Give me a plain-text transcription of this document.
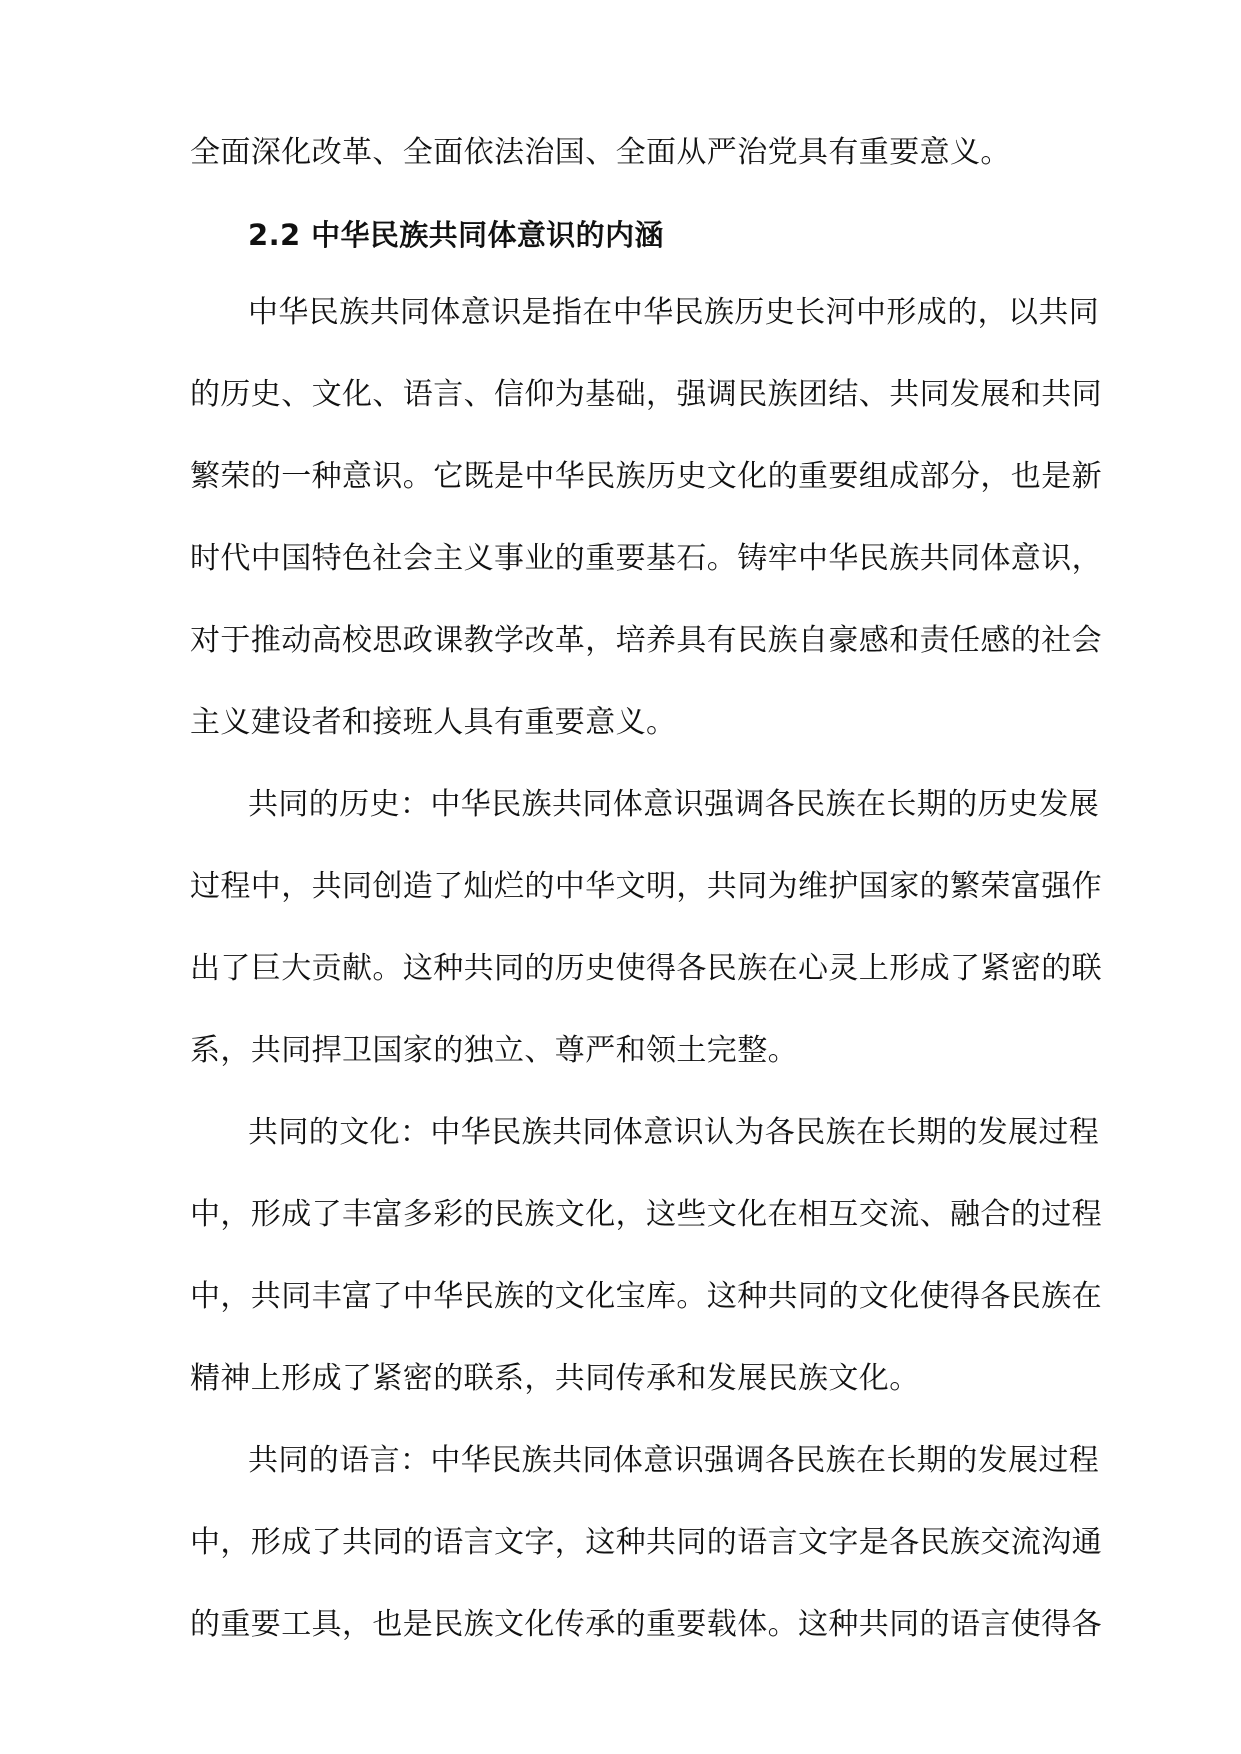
全面深化改革、全面依法治国、全面从严治党具有重要意义。

2.2 中华民族共同体意识的内涵

中华民族共同体意识是指在中华民族历史长河中形成的，以共同

的历史、文化、语言、信仰为基础，强调民族团结、共同发展和共同

繁荣的一种意识。它既是中华民族历史文化的重要组成部分，也是新

时代中国特色社会主义事业的重要基石。铸牢中华民族共同体意识，

对于推动高校思政课教学改革，培养具有民族自豪感和责任感的社会

主义建设者和接班人具有重要意义。

共同的历史：中华民族共同体意识强调各民族在长期的历史发展

过程中，共同创造了灿烂的中华文明，共同为维护国家的繁荣富强作

出了巨大贡献。这种共同的历史使得各民族在心灵上形成了紧密的联

系，共同捍卫国家的独立、尊严和领土完整。

共同的文化：中华民族共同体意识认为各民族在长期的发展过程

中，形成了丰富多彩的民族文化，这些文化在相互交流、融合的过程

中，共同丰富了中华民族的文化宝库。这种共同的文化使得各民族在

精神上形成了紧密的联系，共同传承和发展民族文化。

共同的语言：中华民族共同体意识强调各民族在长期的发展过程

中，形成了共同的语言文字，这种共同的语言文字是各民族交流沟通

的重要工具，也是民族文化传承的重要载体。这种共同的语言使得各
